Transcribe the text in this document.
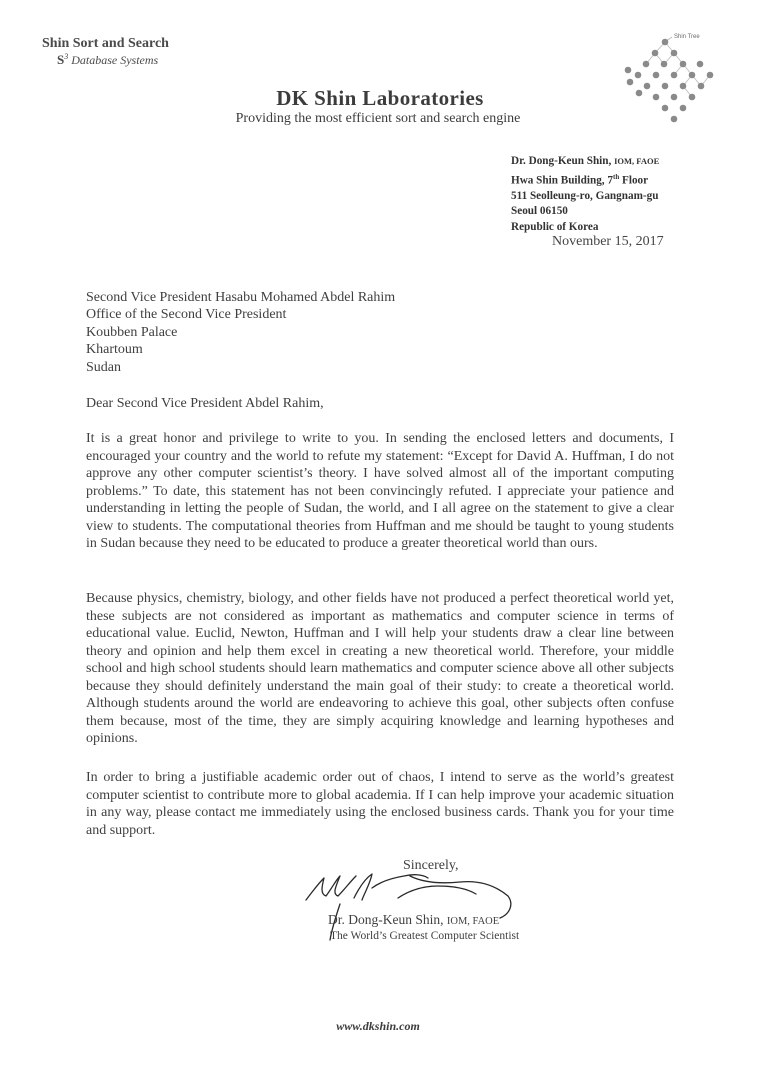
Shin Sort and Search
$S^3$ Database Systems
Shin Tree
DK Shin Laboratories
Providing the most efficient sort and search engine
Dr. Dong-Keun Shin, IOM, FAOE
Hwa Shin Building, 7th Floor
511 Seolleung-ro, Gangnam-gu
Seoul 06150
Republic of Korea
November 15, 2017
Second Vice President Hasabu Mohamed Abdel Rahim
Office of the Second Vice President
Koubben Palace
Khartoum
Sudan
Dear Second Vice President Abdel Rahim,

It is a great honor and privilege to write to you. In sending the enclosed letters and documents, I encouraged your country and the world to refute my statement: “Except for David A. Huffman, I do not approve any other computer scientist’s theory. I have solved almost all of the important computing problems.” To date, this statement has not been convincingly refuted. I appreciate your patience and understanding in letting the people of Sudan, the world, and I all agree on the statement to give a clear view to students. The computational theories from Huffman and me should be taught to young students in Sudan because they need to be educated to produce a greater theoretical world than ours.

Because physics, chemistry, biology, and other fields have not produced a perfect theoretical world yet, these subjects are not considered as important as mathematics and computer science in terms of educational value. Euclid, Newton, Huffman and I will help your students draw a clear line between theory and opinion and help them excel in creating a new theoretical world. Therefore, your middle school and high school students should learn mathematics and computer science above all other subjects because they should definitely understand the main goal of their study: to create a theoretical world. Although students around the world are endeavoring to achieve this goal, other subjects often confuse them because, most of the time, they are simply acquiring knowledge and learning hypotheses and opinions.

In order to bring a justifiable academic order out of chaos, I intend to serve as the world’s greatest computer scientist to contribute more to global academia. If I can help improve your academic situation in any way, please contact me immediately using the enclosed business cards. Thank you for your time and support.

Sincerely,
Dr. Dong-Keun Shin, IOM, FAOE
The World’s Greatest Computer Scientist
www.dkshin.com
